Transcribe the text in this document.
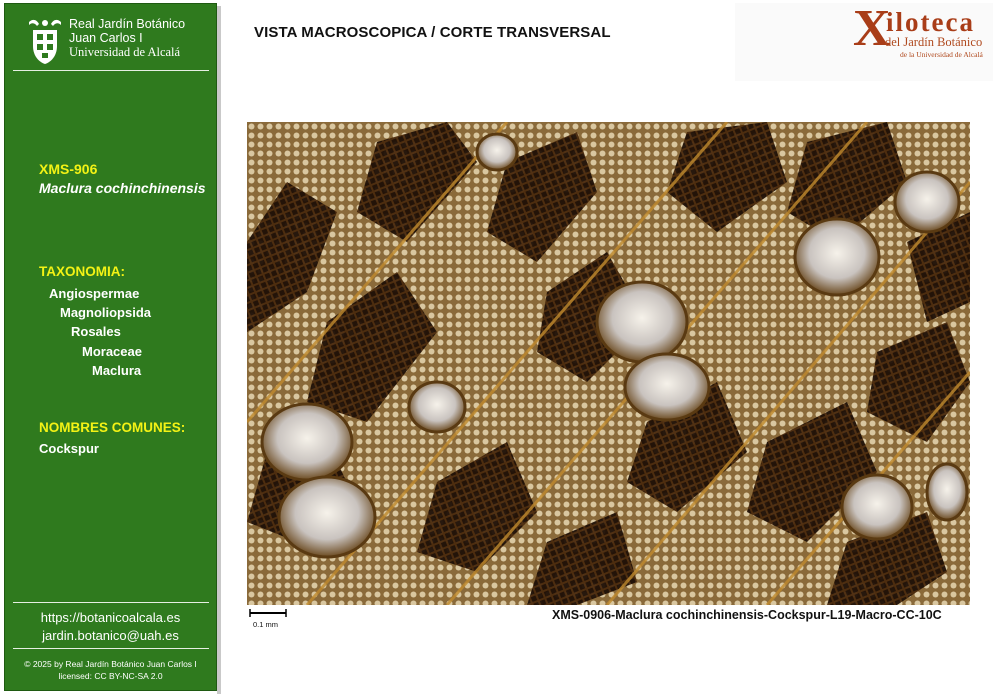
Real Jardín Botánico
Juan Carlos I
Universidad de Alcalá
XMS-906
Maclura cochinchinensis
TAXONOMIA:
Angiospermae
Magnoliopsida
Rosales
Moraceae
Maclura
NOMBRES COMUNES:
Cockspur
https://botanicoalcala.es
jardin.botanico@uah.es
© 2025 by Real Jardín Botánico Juan Carlos I
licensed: CC BY-NC-SA 2.0
VISTA MACROSCOPICA / CORTE TRANSVERSAL	X
iloteca
del Jardín Botánico
de la Universidad de Alcalá
0.1 mm
XMS-0906-Maclura cochinchinensis-Cockspur-L19-Macro-CC-10C
